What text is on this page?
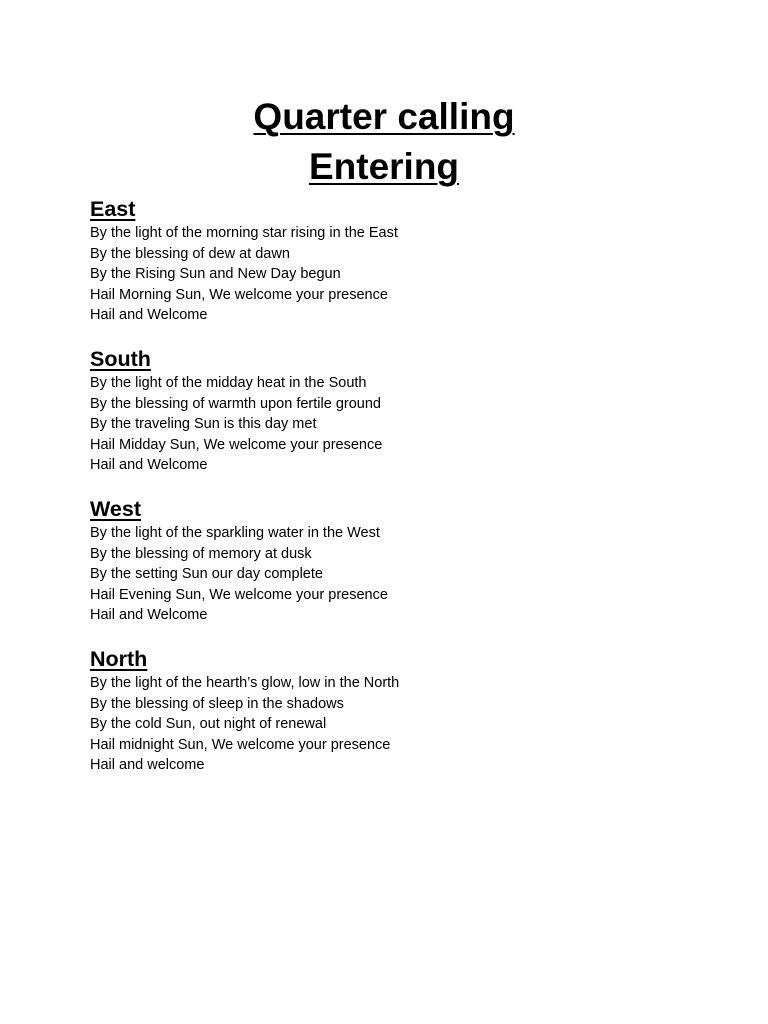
Quarter calling
Entering
East
By the light of the morning star rising in the East
By the blessing of dew at dawn
By the Rising Sun and New Day begun
Hail Morning Sun, We welcome your presence
Hail and Welcome
South
By the light of the midday heat in the South
By the blessing of warmth upon fertile ground
By the traveling Sun is this day met
Hail Midday Sun, We welcome your presence
Hail and Welcome
West
By the light of the sparkling water in the West
By the blessing of memory at dusk
By the setting Sun our day complete
Hail Evening Sun, We welcome your presence
Hail and Welcome
North
By the light of the hearth’s glow, low in the North
By the blessing of sleep in the shadows
By the cold Sun, out night of renewal
Hail midnight Sun, We welcome your presence
Hail and welcome
